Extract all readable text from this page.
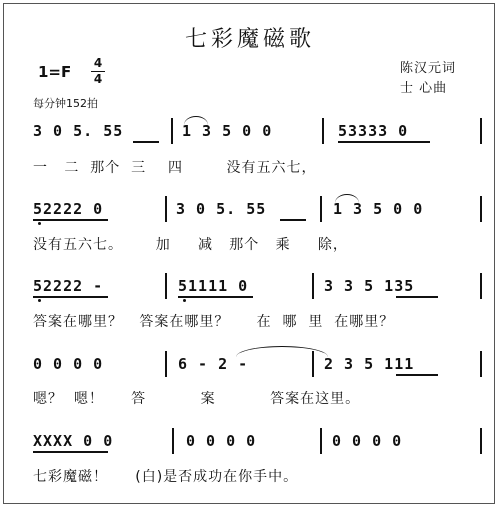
七彩魔磁歌
1=F 4
4
每分钟152拍
陈汉元词
士 心曲
3 0 5. 55	1 3 5 0 0	53333 0
一   二  那个  三    四        没有五六七，
52222 0	3 0 5. 55	1 3 5 0 0
没有五六七。      加     减   那个   乘     除，
52222 -	51111 0	3 3 5 135
答案在哪里？   答案在哪里？     在  哪  里  在哪里？
0 0 0 0	6 - 2 -	2 3 5 111
嗯？  嗯！     答          案          答案在这里。
XXXX 0 0	0 0 0 0	0 0 0 0
七彩魔磁！     (白)是否成功在你手中。
